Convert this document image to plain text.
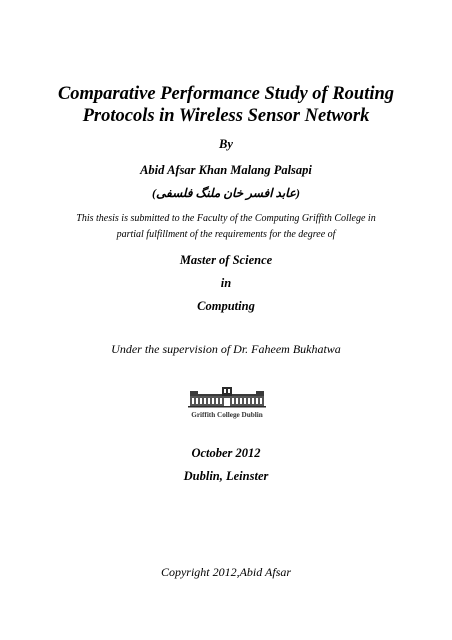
Comparative Performance Study of Routing
Protocols in Wireless Sensor Network
By
Abid Afsar Khan Malang Palsapi
(عابد افسر خان ملنگ فلسفی)
This thesis is submitted to the Faculty of the Computing Griffith College in
partial fulfillment of the requirements for the degree of
Master of Science
in
Computing
Under the supervision of Dr. Faheem Bukhatwa
Griffith College Dublin
October 2012
Dublin, Leinster
Copyright 2012,Abid Afsar
